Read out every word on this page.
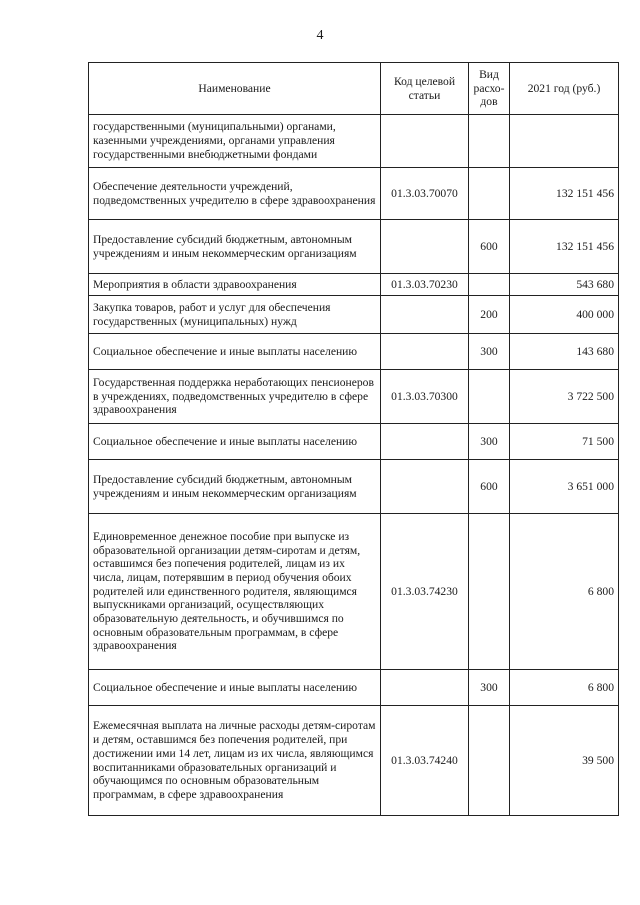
4
Наименование	Код целевой статьи	Вид расхо-дов	2021 год (руб.)
государственными (муниципальными) органами, казенными учреждениями, органами управления государственными внебюджетными фондами			
Обеспечение деятельности учреждений, подведомственных учредителю в сфере здравоохранения	01.3.03.70070		132 151 456
Предоставление субсидий бюджетным, автономным учреждениям и иным некоммерческим организациям		600	132 151 456
Мероприятия в области здравоохранения	01.3.03.70230		543 680
Закупка товаров, работ и услуг для обеспечения государственных (муниципальных) нужд		200	400 000
Социальное обеспечение и иные выплаты населению		300	143 680
Государственная поддержка неработающих пенсионеров в учреждениях, подведомственных учредителю в сфере здравоохранения	01.3.03.70300		3 722 500
Социальное обеспечение и иные выплаты населению		300	71 500
Предоставление субсидий бюджетным, автономным учреждениям и иным некоммерческим организациям		600	3 651 000
Единовременное денежное пособие при выпуске из образовательной организации детям-сиротам и детям, оставшимся без попечения родителей, лицам из их числа, лицам, потерявшим в период обучения обоих родителей или единственного родителя, являющимся выпускниками организаций, осуществляющих образовательную деятельность, и обучившимся по основным образовательным программам, в сфере здравоохранения	01.3.03.74230		6 800
Социальное обеспечение и иные выплаты населению		300	6 800
Ежемесячная выплата на личные расходы детям-сиротам и детям, оставшимся без попечения родителей, при достижении ими 14 лет, лицам из их числа, являющимся воспитанниками образовательных организаций и обучающимся по основным образовательным программам, в сфере здравоохранения	01.3.03.74240		39 500
